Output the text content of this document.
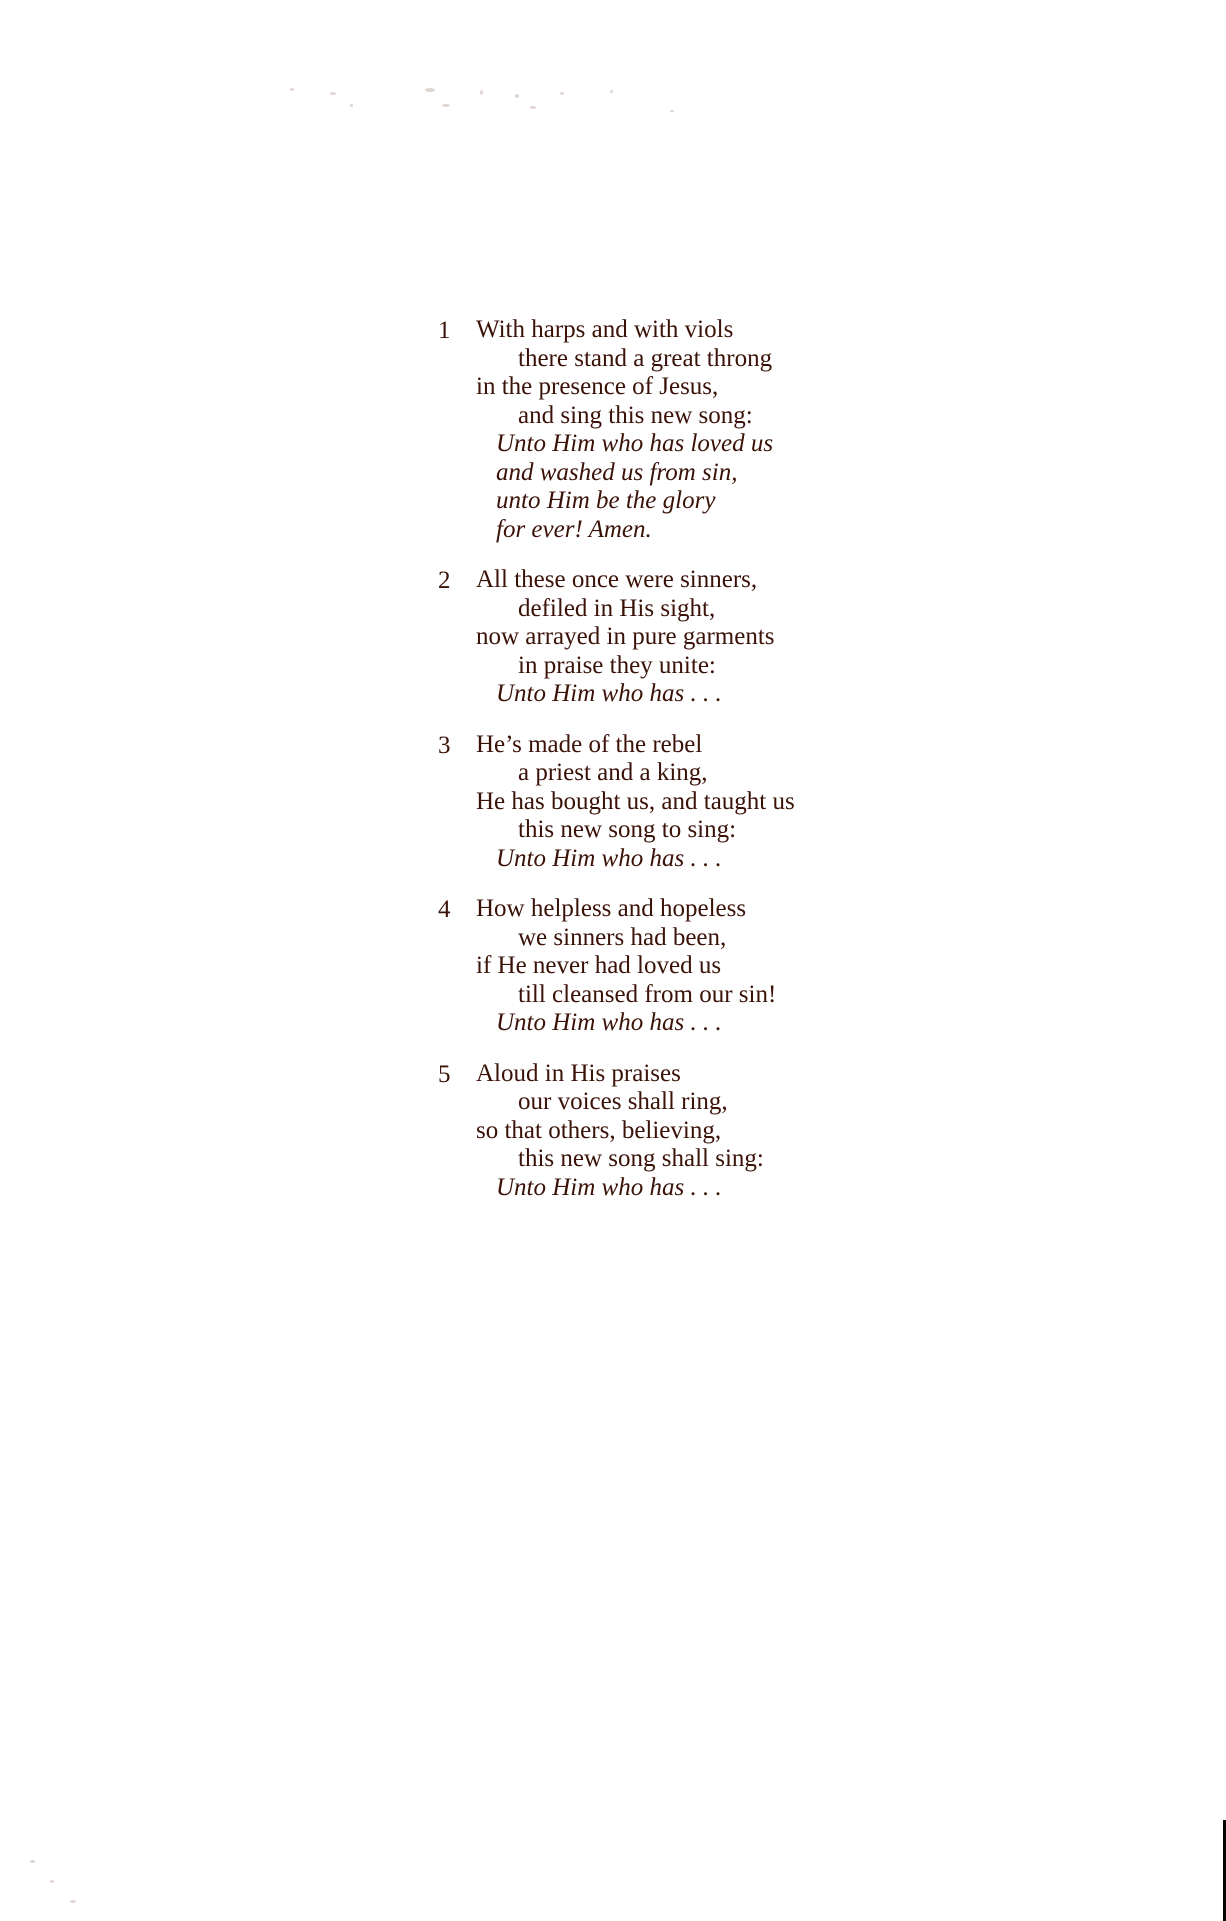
1	With harps and with viols
there stand a great throng
in the presence of Jesus,
and sing this new song:
Unto Him who has loved us
and washed us from sin,
unto Him be the glory
for ever! Amen.
2	All these once were sinners,
defiled in His sight,
now arrayed in pure garments
in praise they unite:
Unto Him who has . . .
3	He’s made of the rebel
a priest and a king,
He has bought us, and taught us
this new song to sing:
Unto Him who has . . .
4	How helpless and hopeless
we sinners had been,
if He never had loved us
till cleansed from our sin!
Unto Him who has . . .
5	Aloud in His praises
our voices shall ring,
so that others, believing,
this new song shall sing:
Unto Him who has . . .
